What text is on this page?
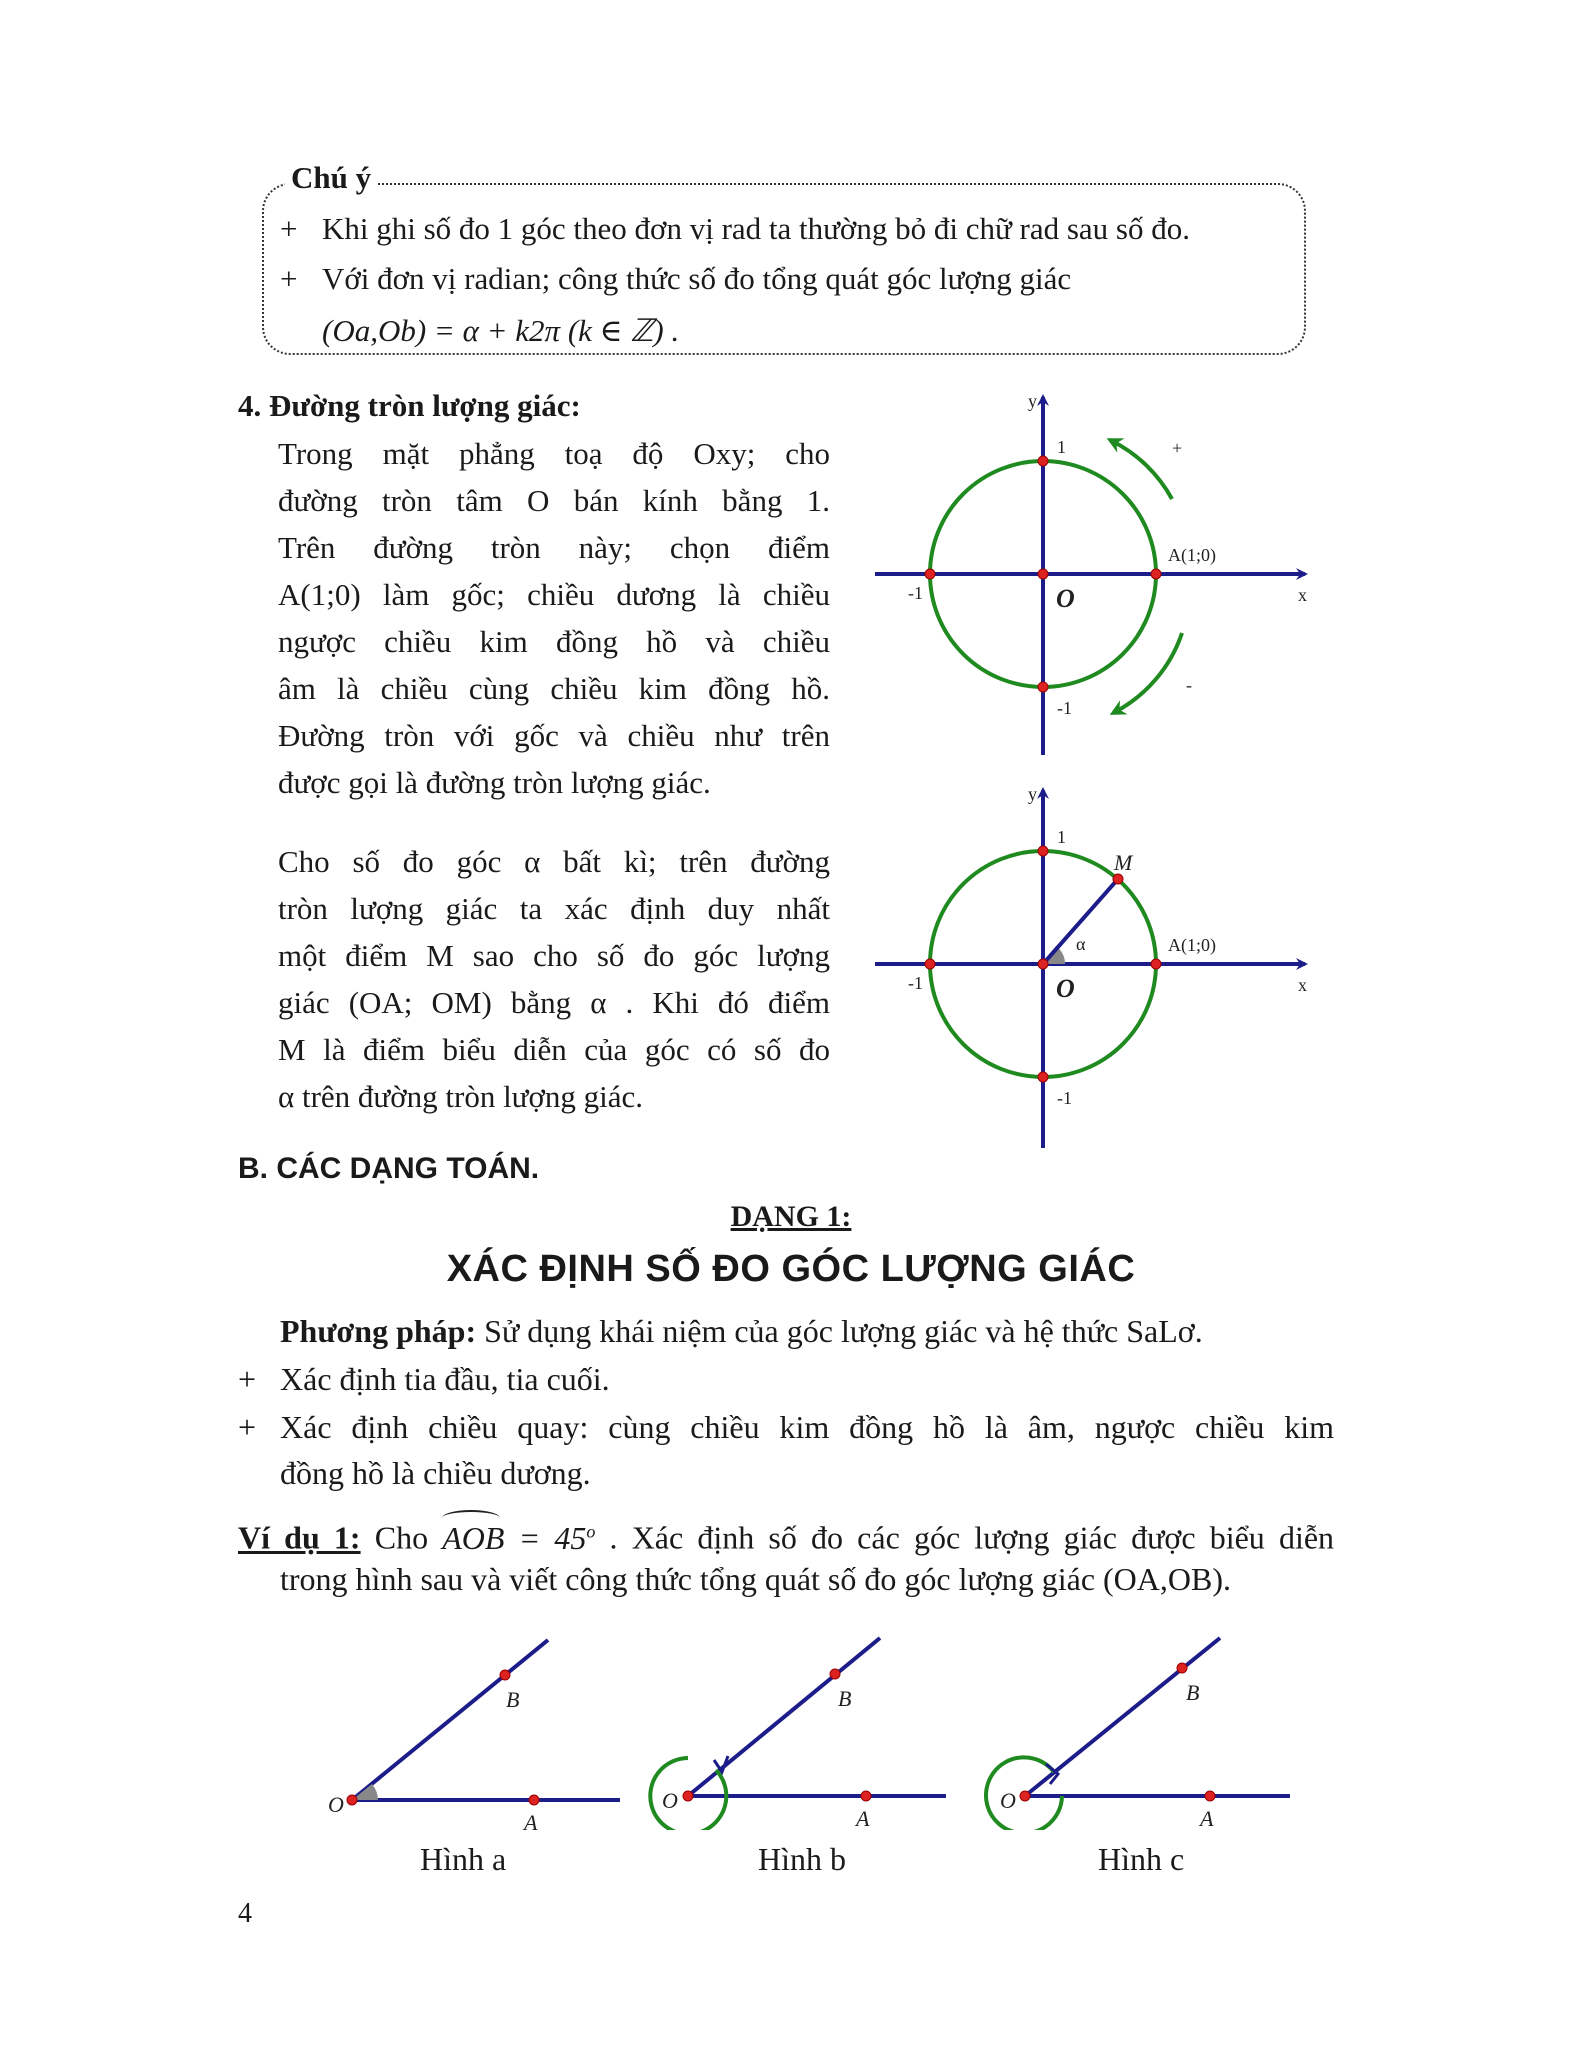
Chú ý
+ Khi ghi số đo 1 góc theo đơn vị rad ta thường bỏ đi chữ rad sau số đo.
+ Với đơn vị radian; công thức số đo tổng quát góc lượng giác
(Oa,Ob) = α + k2π (k ∈ ℤ) .
4. Đường tròn lượng giác:
Trong mặt phẳng toạ độ Oxy; cho
đường tròn tâm O bán kính bằng 1.
Trên đường tròn này; chọn điểm
A(1;0) làm gốc; chiều dương là chiều
ngược chiều kim đồng hồ và chiều
âm là chiều cùng chiều kim đồng hồ.
Đường tròn với gốc và chiều như trên
được gọi là đường tròn lượng giác.
Cho số đo góc α bất kì; trên đường
tròn lượng giác ta xác định duy nhất
một điểm M sao cho số đo góc lượng
giác (OA; OM) bằng α . Khi đó điểm
M là điểm biểu diễn của góc có số đo
α trên đường tròn lượng giác.
y
x
1
-1
-1
A(1;0)
O
+
-
y
x
1
-1
-1
A(1;0)
O
M
α
B. CÁC DẠNG TOÁN.
DẠNG 1:
XÁC ĐỊNH SỐ ĐO GÓC LƯỢNG GIÁC
Phương pháp: Sử dụng khái niệm của góc lượng giác và hệ thức SaLơ.
+ Xác định tia đầu, tia cuối.
+ Xác định chiều quay: cùng chiều kim đồng hồ là âm, ngược chiều kim
đồng hồ là chiều dương.
Ví dụ 1: Cho
AOB = $45^o$ . Xác định số đo các góc lượng giác được biểu diễn
trong hình sau và viết công thức tổng quát số đo góc lượng giác (OA,OB).
O
A
B
O
A
B
O
A
B
Hình a	Hình b	Hình c
4
